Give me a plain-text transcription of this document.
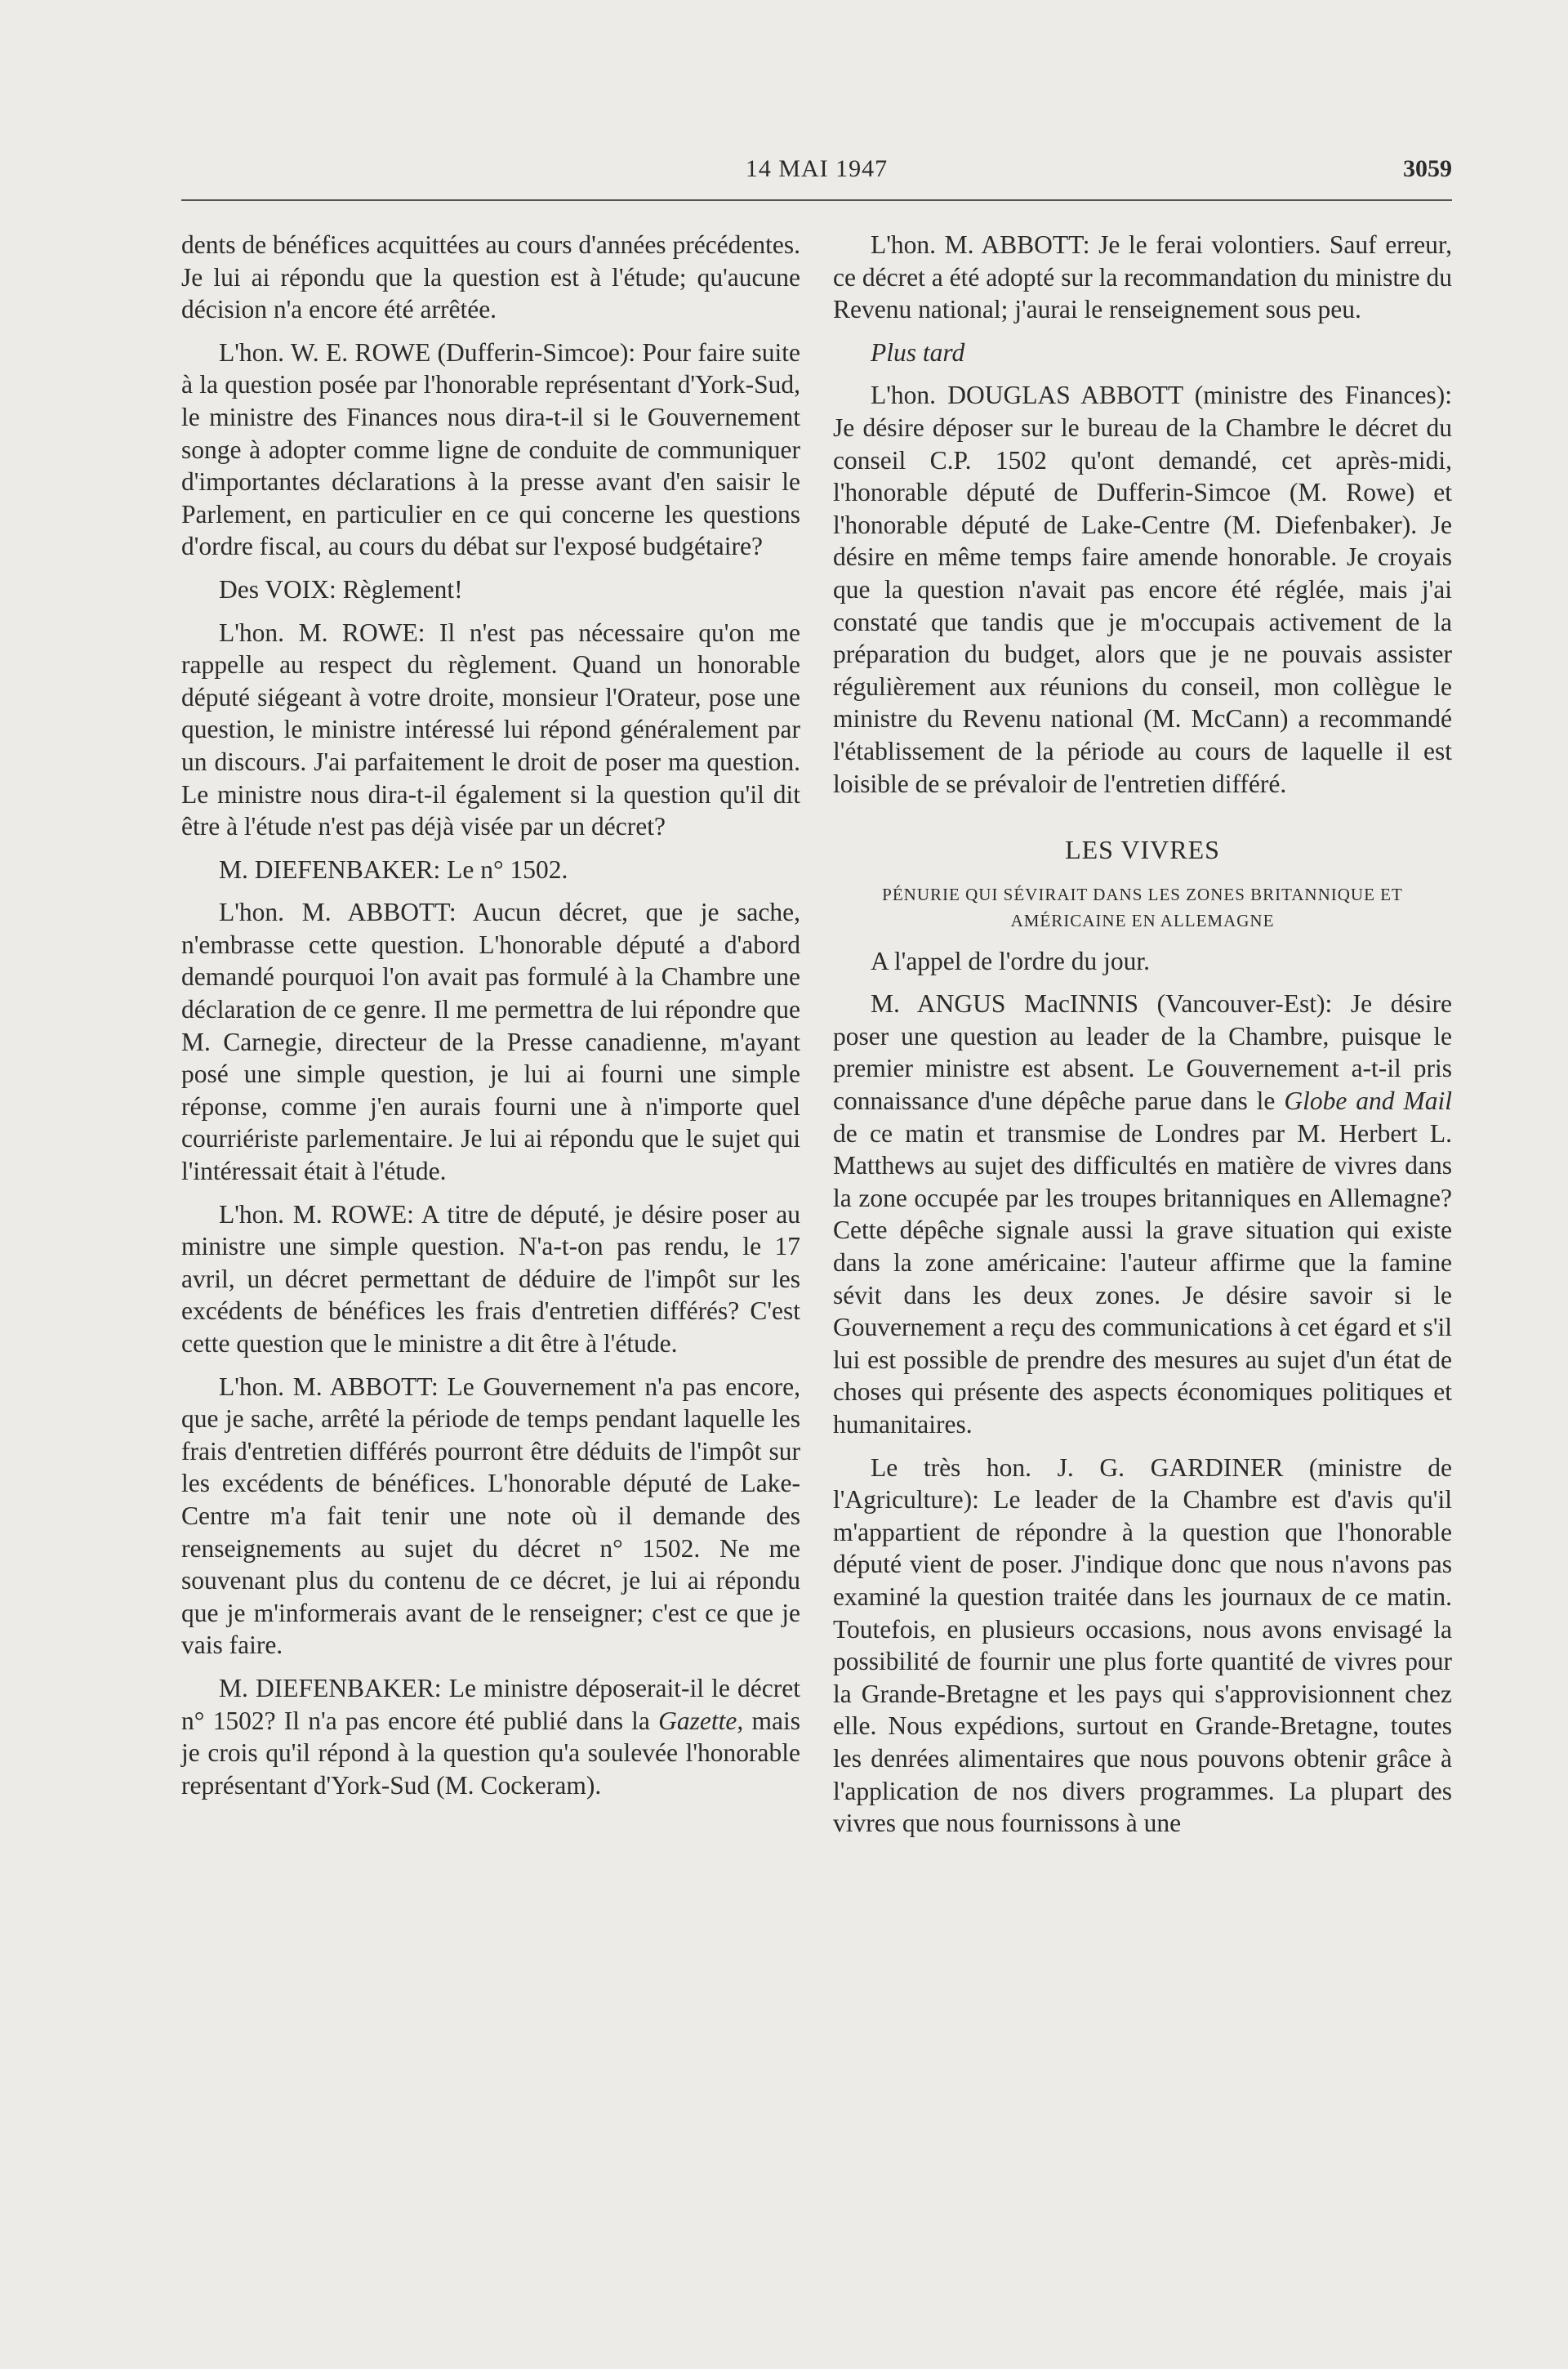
14 MAI 1947	3059

dents de bénéfices acquittées au cours d'années précédentes. Je lui ai répondu que la question est à l'étude; qu'aucune décision n'a encore été arrêtée.

L'hon. W. E. ROWE (Dufferin-Simcoe): Pour faire suite à la question posée par l'honorable représentant d'York-Sud, le ministre des Finances nous dira-t-il si le Gouvernement songe à adopter comme ligne de conduite de communiquer d'importantes déclarations à la presse avant d'en saisir le Parlement, en particulier en ce qui concerne les questions d'ordre fiscal, au cours du débat sur l'exposé budgétaire?

Des VOIX: Règlement!

L'hon. M. ROWE: Il n'est pas nécessaire qu'on me rappelle au respect du règlement. Quand un honorable député siégeant à votre droite, monsieur l'Orateur, pose une question, le ministre intéressé lui répond généralement par un discours. J'ai parfaitement le droit de poser ma question. Le ministre nous dira-t-il également si la question qu'il dit être à l'étude n'est pas déjà visée par un décret?

M. DIEFENBAKER: Le n° 1502.

L'hon. M. ABBOTT: Aucun décret, que je sache, n'embrasse cette question. L'honorable député a d'abord demandé pourquoi l'on avait pas formulé à la Chambre une déclaration de ce genre. Il me permettra de lui répondre que M. Carnegie, directeur de la Presse canadienne, m'ayant posé une simple question, je lui ai fourni une simple réponse, comme j'en aurais fourni une à n'importe quel courriériste parlementaire. Je lui ai répondu que le sujet qui l'intéressait était à l'étude.

L'hon. M. ROWE: A titre de député, je désire poser au ministre une simple question. N'a-t-on pas rendu, le 17 avril, un décret permettant de déduire de l'impôt sur les excédents de bénéfices les frais d'entretien différés? C'est cette question que le ministre a dit être à l'étude.

L'hon. M. ABBOTT: Le Gouvernement n'a pas encore, que je sache, arrêté la période de temps pendant laquelle les frais d'entretien différés pourront être déduits de l'impôt sur les excédents de bénéfices. L'honorable député de Lake-Centre m'a fait tenir une note où il demande des renseignements au sujet du décret n° 1502. Ne me souvenant plus du contenu de ce décret, je lui ai répondu que je m'informerais avant de le renseigner; c'est ce que je vais faire.

M. DIEFENBAKER: Le ministre déposerait-il le décret n° 1502? Il n'a pas encore été publié dans la Gazette, mais je crois qu'il répond à la question qu'a soulevée l'honorable représentant d'York-Sud (M. Cockeram).

L'hon. M. ABBOTT: Je le ferai volontiers. Sauf erreur, ce décret a été adopté sur la recommandation du ministre du Revenu national; j'aurai le renseignement sous peu.

Plus tard

L'hon. DOUGLAS ABBOTT (ministre des Finances): Je désire déposer sur le bureau de la Chambre le décret du conseil C.P. 1502 qu'ont demandé, cet après-midi, l'honorable député de Dufferin-Simcoe (M. Rowe) et l'honorable député de Lake-Centre (M. Diefenbaker). Je désire en même temps faire amende honorable. Je croyais que la question n'avait pas encore été réglée, mais j'ai constaté que tandis que je m'occupais activement de la préparation du budget, alors que je ne pouvais assister régulièrement aux réunions du conseil, mon collègue le ministre du Revenu national (M. McCann) a recommandé l'établissement de la période au cours de laquelle il est loisible de se prévaloir de l'entretien différé.

LES VIVRES

PÉNURIE QUI SÉVIRAIT DANS LES ZONES BRITANNIQUE ET AMÉRICAINE EN ALLEMAGNE

A l'appel de l'ordre du jour.

M. ANGUS MacINNIS (Vancouver-Est): Je désire poser une question au leader de la Chambre, puisque le premier ministre est absent. Le Gouvernement a-t-il pris connaissance d'une dépêche parue dans le Globe and Mail de ce matin et transmise de Londres par M. Herbert L. Matthews au sujet des difficultés en matière de vivres dans la zone occupée par les troupes britanniques en Allemagne? Cette dépêche signale aussi la grave situation qui existe dans la zone américaine: l'auteur affirme que la famine sévit dans les deux zones. Je désire savoir si le Gouvernement a reçu des communications à cet égard et s'il lui est possible de prendre des mesures au sujet d'un état de choses qui présente des aspects économiques politiques et humanitaires.

Le très hon. J. G. GARDINER (ministre de l'Agriculture): Le leader de la Chambre est d'avis qu'il m'appartient de répondre à la question que l'honorable député vient de poser. J'indique donc que nous n'avons pas examiné la question traitée dans les journaux de ce matin. Toutefois, en plusieurs occasions, nous avons envisagé la possibilité de fournir une plus forte quantité de vivres pour la Grande-Bretagne et les pays qui s'approvisionnent chez elle. Nous expédions, surtout en Grande-Bretagne, toutes les denrées alimentaires que nous pouvons obtenir grâce à l'application de nos divers programmes. La plupart des vivres que nous fournissons à une
